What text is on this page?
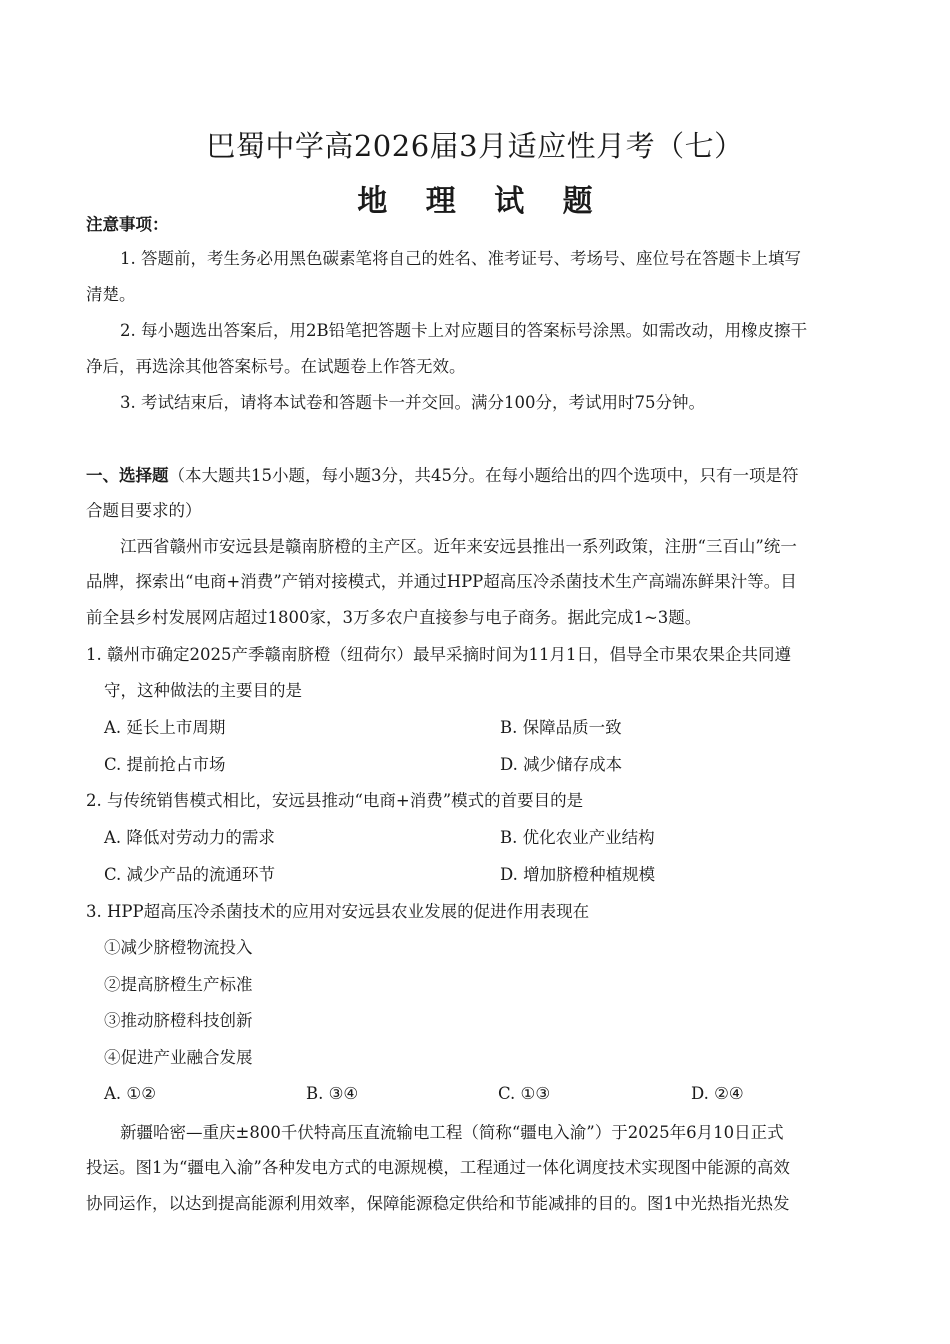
巴蜀中学高2026届3月适应性月考（七）
地 理 试 题
注意事项：
1. 答题前，考生务必用黑色碳素笔将自己的姓名、准考证号、考场号、座位号在答题卡上填写
清楚。
2. 每小题选出答案后，用2B铅笔把答题卡上对应题目的答案标号涂黑。如需改动，用橡皮擦干
净后，再选涂其他答案标号。在试题卷上作答无效。
3. 考试结束后，请将本试卷和答题卡一并交回。满分100分，考试用时75分钟。
一、选择题（本大题共15小题，每小题3分，共45分。在每小题给出的四个选项中，只有一项是符
合题目要求的）
江西省赣州市安远县是赣南脐橙的主产区。近年来安远县推出一系列政策，注册“三百山”统一
品牌，探索出“电商+消费”产销对接模式，并通过HPP超高压冷杀菌技术生产高端冻鲜果汁等。目
前全县乡村发展网店超过1800家，3万多农户直接参与电子商务。据此完成1~3题。
1. 赣州市确定2025产季赣南脐橙（纽荷尔）最早采摘时间为11月1日，倡导全市果农果企共同遵
守，这种做法的主要目的是
A. 延长上市周期	B. 保障品质一致
C. 提前抢占市场	D. 减少储存成本
2. 与传统销售模式相比，安远县推动“电商+消费”模式的首要目的是
A. 降低对劳动力的需求	B. 优化农业产业结构
C. 减少产品的流通环节	D. 增加脐橙种植规模
3. HPP超高压冷杀菌技术的应用对安远县农业发展的促进作用表现在
①减少脐橙物流投入
②提高脐橙生产标准
③推动脐橙科技创新
④促进产业融合发展
A. ①②	B. ③④	C. ①③	D. ②④
新疆哈密—重庆±800千伏特高压直流输电工程（简称“疆电入渝”）于2025年6月10日正式
投运。图1为“疆电入渝”各种发电方式的电源规模，工程通过一体化调度技术实现图中能源的高效
协同运作，以达到提高能源利用效率，保障能源稳定供给和节能减排的目的。图1中光热指光热发
